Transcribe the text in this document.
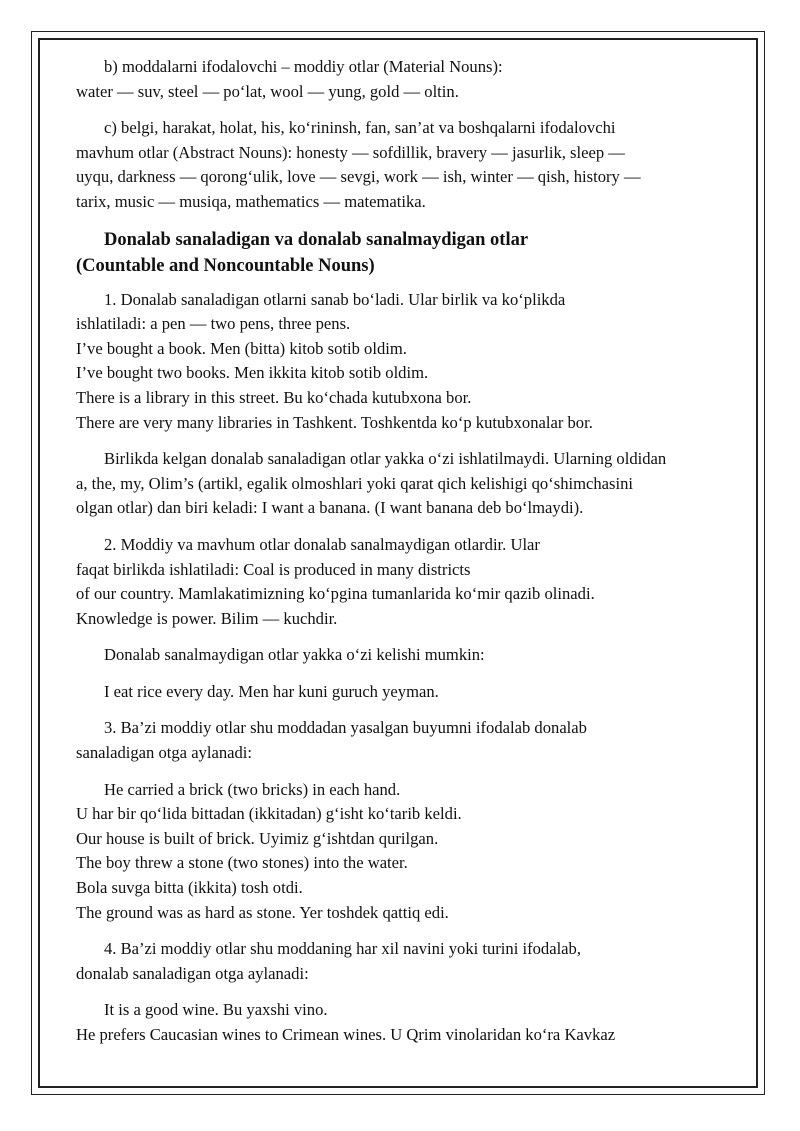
b) moddalarni ifodalovchi – moddiy otlar (Material Nouns):
water — suv, steel — po‘lat, wool — yung, gold — oltin.
c) belgi, harakat, holat, his, ko‘rininsh, fan, san’at va boshqalarni ifodalovchi
mavhum otlar (Abstract Nouns): honesty — sofdillik, bravery — jasurlik, sleep —
uyqu, darkness — qorong‘ulik, love — sevgi, work — ish, winter — qish, history —
tarix, music — musiqa, mathematics — matematika.
Donalab sanaladigan va donalab sanalmaydigan otlar
(Countable and Noncountable Nouns)
1. Donalab sanaladigan otlarni sanab bo‘ladi. Ular birlik va ko‘plikda
ishlatiladi: a pen — two pens, three pens.
I’ve bought a book. Men (bitta) kitob sotib oldim.
I’ve bought two books. Men ikkita kitob sotib oldim.
There is a library in this street. Bu ko‘chada kutubxona bor.
There are very many libraries in Tashkent. Toshkentda ko‘p kutubxonalar bor.
Birlikda kelgan donalab sanaladigan otlar yakka o‘zi ishlatilmaydi. Ularning oldidan
a, the, my, Olim’s (artikl, egalik olmoshlari yoki qarat qich kelishigi qo‘shimchasini
olgan otlar) dan biri keladi: I want a banana. (I want banana deb bo‘lmaydi).
2. Moddiy va mavhum otlar donalab sanalmaydigan otlardir. Ular
faqat birlikda ishlatiladi: Coal is produced in many districts
of our country. Mamlakatimizning ko‘pgina tumanlarida ko‘mir qazib olinadi.
Knowledge is power. Bilim — kuchdir.
Donalab sanalmaydigan otlar yakka o‘zi kelishi mumkin:
I eat rice every day. Men har kuni guruch yeyman.
3. Ba’zi moddiy otlar shu moddadan yasalgan buyumni ifodalab donalab
sanaladigan otga aylanadi:
He carried a brick (two bricks) in each hand.
U har bir qo‘lida bittadan (ikkitadan) g‘isht ko‘tarib keldi.
Our house is built of brick. Uyimiz g‘ishtdan qurilgan.
The boy threw a stone (two stones) into the water.
Bola suvga bitta (ikkita) tosh otdi.
The ground was as hard as stone. Yer toshdek qattiq edi.
4. Ba’zi moddiy otlar shu moddaning har xil navini yoki turini ifodalab,
donalab sanaladigan otga aylanadi:
It is a good wine. Bu yaxshi vino.
He prefers Caucasian wines to Crimean wines. U Qrim vinolaridan ko‘ra Kavkaz
